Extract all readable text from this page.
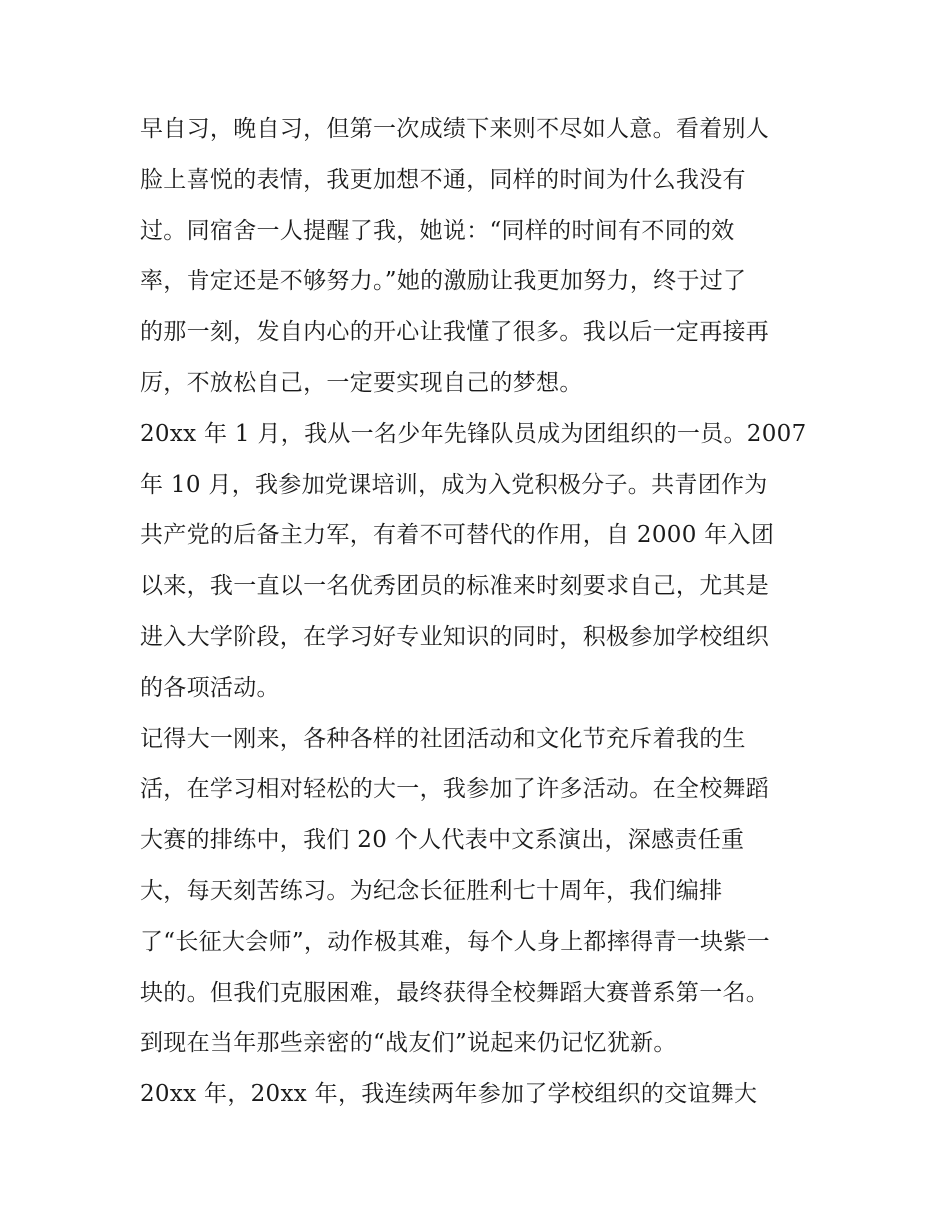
早自习，晚自习，但第一次成绩下来则不尽如人意。看着别人
脸上喜悦的表情，我更加想不通，同样的时间为什么我没有
过。同宿舍一人提醒了我，她说：“同样的时间有不同的效
率，肯定还是不够努力。”她的激励让我更加努力，终于过了
的那一刻，发自内心的开心让我懂了很多。我以后一定再接再
厉，不放松自己，一定要实现自己的梦想。
20xx 年 1 月，我从一名少年先锋队员成为团组织的一员。2007
年 10 月，我参加党课培训，成为入党积极分子。共青团作为
共产党的后备主力军，有着不可替代的作用，自 2000 年入团
以来，我一直以一名优秀团员的标准来时刻要求自己，尤其是
进入大学阶段，在学习好专业知识的同时，积极参加学校组织
的各项活动。
记得大一刚来，各种各样的社团活动和文化节充斥着我的生
活，在学习相对轻松的大一，我参加了许多活动。在全校舞蹈
大赛的排练中，我们 20 个人代表中文系演出，深感责任重
大，每天刻苦练习。为纪念长征胜利七十周年，我们编排
了“长征大会师”，动作极其难，每个人身上都摔得青一块紫一
块的。但我们克服困难，最终获得全校舞蹈大赛普系第一名。
到现在当年那些亲密的“战友们”说起来仍记忆犹新。
20xx 年，20xx 年，我连续两年参加了学校组织的交谊舞大
